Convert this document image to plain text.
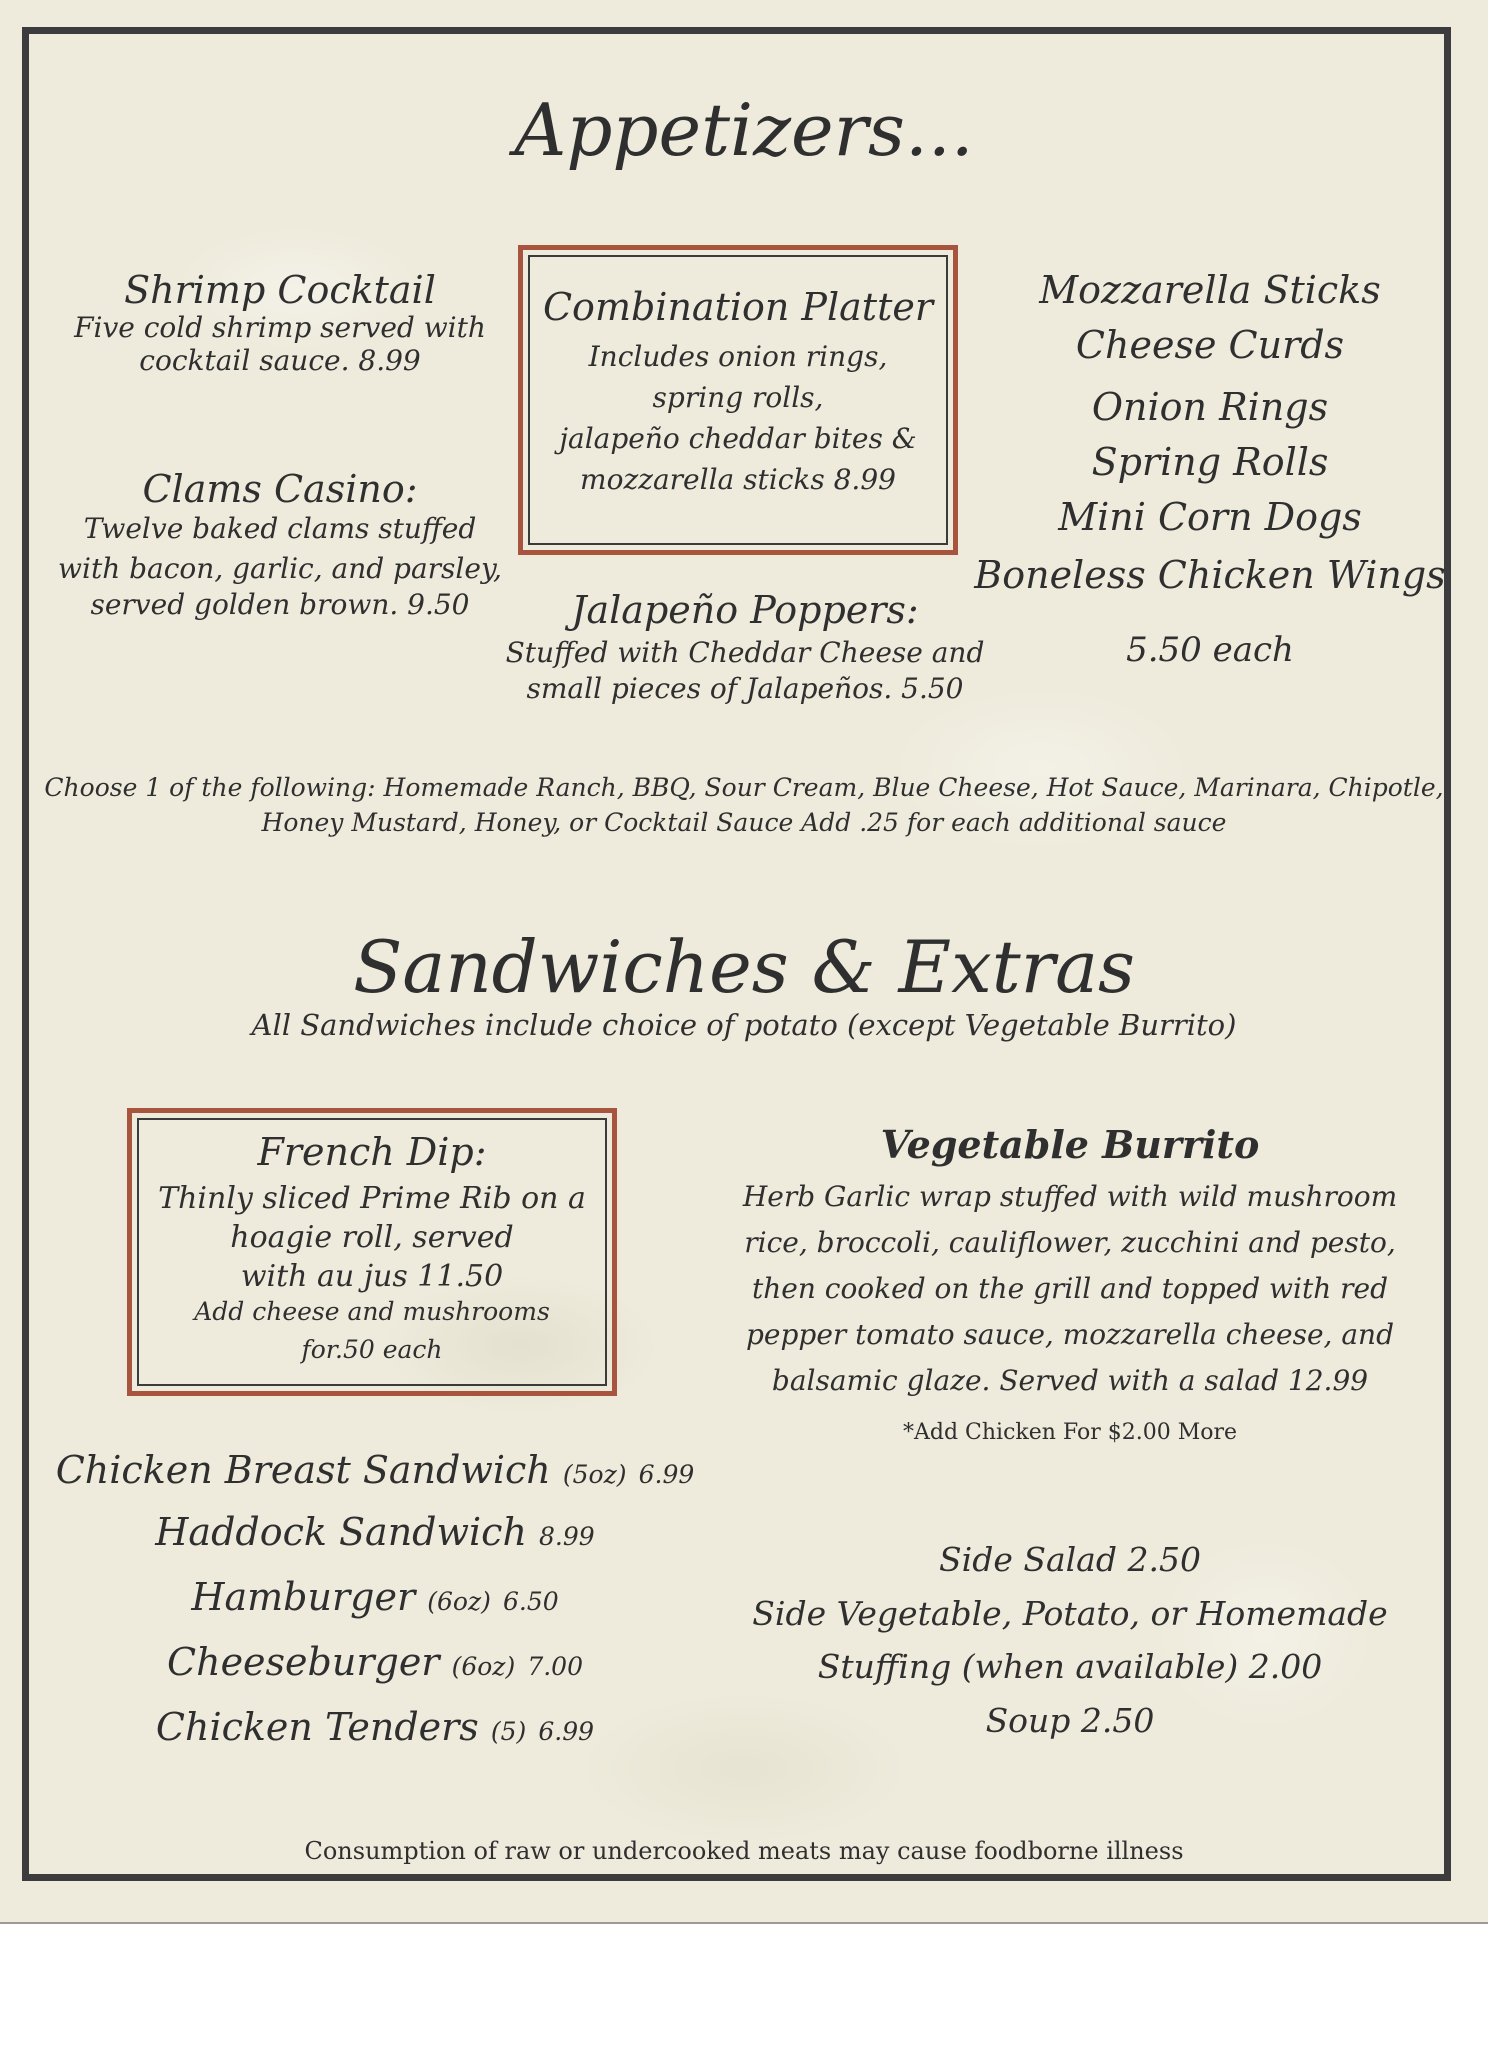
Appetizers...
Shrimp Cocktail
Five cold shrimp served with
cocktail sauce. 8.99
Clams Casino:
Twelve baked clams stuffed
with bacon, garlic, and parsley,
served golden brown. 9.50
Combination Platter
Includes onion rings,
spring rolls,
jalapeño cheddar bites &
mozzarella sticks 8.99
Jalapeño Poppers:
Stuffed with Cheddar Cheese and
small pieces of Jalapeños. 5.50
Mozzarella Sticks
Cheese Curds
Onion Rings
Spring Rolls
Mini Corn Dogs
Boneless Chicken Wings
5.50 each
Choose 1 of the following: Homemade Ranch, BBQ, Sour Cream, Blue Cheese, Hot Sauce, Marinara, Chipotle,
Honey Mustard, Honey, or Cocktail Sauce Add .25 for each additional sauce
Sandwiches & Extras
All Sandwiches include choice of potato (except Vegetable Burrito)
French Dip:
Thinly sliced Prime Rib on a
hoagie roll, served
with au jus 11.50
Add cheese and mushrooms
for.50 each
Vegetable Burrito
Herb Garlic wrap stuffed with wild mushroom
rice, broccoli, cauliflower, zucchini and pesto,
then cooked on the grill and topped with red
pepper tomato sauce, mozzarella cheese, and
balsamic glaze. Served with a salad 12.99
*Add Chicken For $2.00 More
Chicken Breast Sandwich (5oz) 6.99
Haddock Sandwich 8.99
Hamburger (6oz) 6.50
Cheeseburger (6oz) 7.00
Chicken Tenders (5) 6.99
Side Salad 2.50
Side Vegetable, Potato, or Homemade
Stuffing (when available) 2.00
Soup 2.50
Consumption of raw or undercooked meats may cause foodborne illness
